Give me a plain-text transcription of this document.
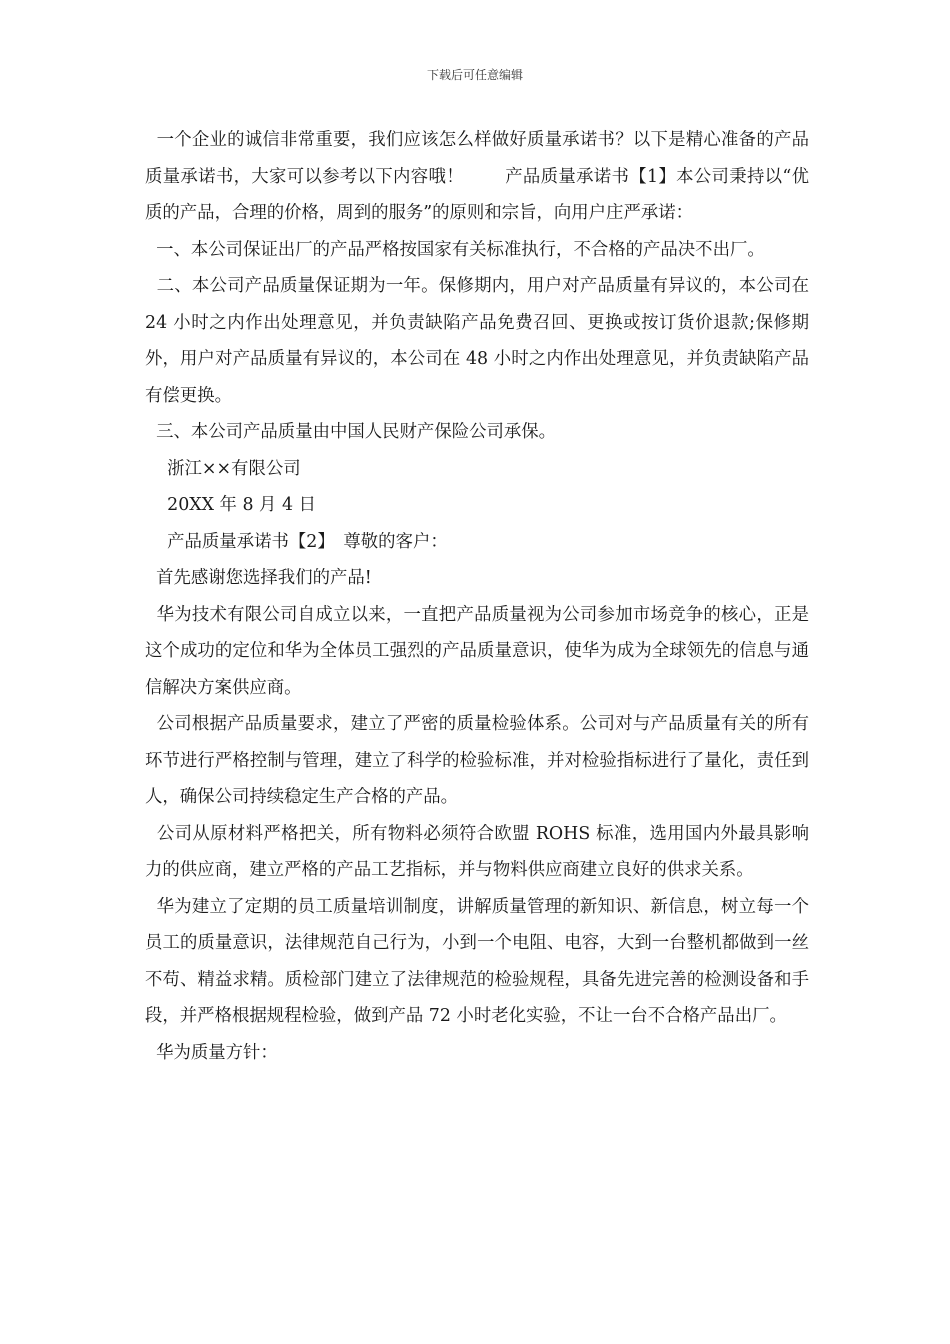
下载后可任意编辑

一个企业的诚信非常重要，我们应该怎么样做好质量承诺书？以下是精心准备的产品质量承诺书，大家可以参考以下内容哦！　　 产品质量承诺书【1】本公司秉持以“优质的产品，合理的价格，周到的服务”的原则和宗旨，向用户庄严承诺：

一、本公司保证出厂的产品严格按国家有关标准执行，不合格的产品决不出厂。

二、本公司产品质量保证期为一年。保修期内，用户对产品质量有异议的，本公司在 24 小时之内作出处理意见，并负责缺陷产品免费召回、更换或按订货价退款;保修期外，用户对产品质量有异议的，本公司在 48 小时之内作出处理意见，并负责缺陷产品有偿更换。

三、本公司产品质量由中国人民财产保险公司承保。

浙江××有限公司

20XX 年 8 月 4 日

产品质量承诺书【2】　尊敬的客户：

首先感谢您选择我们的产品!

华为技术有限公司自成立以来，一直把产品质量视为公司参加市场竞争的核心，正是这个成功的定位和华为全体员工强烈的产品质量意识，使华为成为全球领先的信息与通信解决方案供应商。

公司根据产品质量要求，建立了严密的质量检验体系。公司对与产品质量有关的所有环节进行严格控制与管理，建立了科学的检验标准，并对检验指标进行了量化，责任到人，确保公司持续稳定生产合格的产品。

公司从原材料严格把关，所有物料必须符合欧盟 ROHS 标准，选用国内外最具影响力的供应商，建立严格的产品工艺指标，并与物料供应商建立良好的供求关系。

华为建立了定期的员工质量培训制度，讲解质量管理的新知识、新信息，树立每一个员工的质量意识，法律规范自己行为，小到一个电阻、电容，大到一台整机都做到一丝不苟、精益求精。质检部门建立了法律规范的检验规程，具备先进完善的检测设备和手段，并严格根据规程检验，做到产品 72 小时老化实验，不让一台不合格产品出厂。

华为质量方针：
